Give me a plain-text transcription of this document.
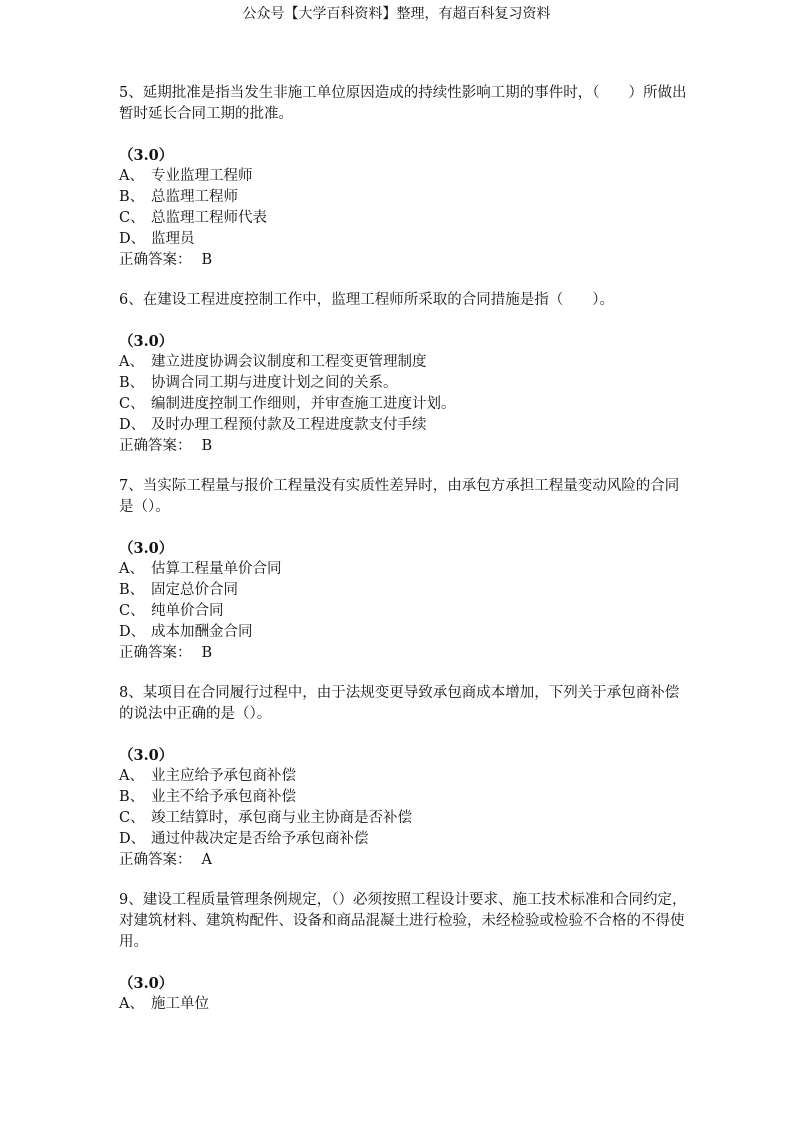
公众号【大学百科资料】整理，有超百科复习资料

5、延期批准是指当发生非施工单位原因造成的持续性影响工期的事件时，（　　）所做出暂时延长合同工期的批准。

（3.0）
A、 专业监理工程师
B、 总监理工程师
C、 总监理工程师代表
D、 监理员
正确答案： B

6、在建设工程进度控制工作中，监理工程师所采取的合同措施是指（　　）。

（3.0）
A、 建立进度协调会议制度和工程变更管理制度
B、 协调合同工期与进度计划之间的关系。
C、 编制进度控制工作细则，并审查施工进度计划。
D、 及时办理工程预付款及工程进度款支付手续
正确答案： B

7、当实际工程量与报价工程量没有实质性差异时，由承包方承担工程量变动风险的合同是（）。

（3.0）
A、 估算工程量单价合同
B、 固定总价合同
C、 纯单价合同
D、 成本加酬金合同
正确答案： B

8、某项目在合同履行过程中，由于法规变更导致承包商成本增加，下列关于承包商补偿的说法中正确的是（）。

（3.0）
A、 业主应给予承包商补偿
B、 业主不给予承包商补偿
C、 竣工结算时，承包商与业主协商是否补偿
D、 通过仲裁决定是否给予承包商补偿
正确答案： A

9、建设工程质量管理条例规定，（）必须按照工程设计要求、施工技术标准和合同约定，对建筑材料、建筑构配件、设备和商品混凝土进行检验，未经检验或检验不合格的不得使用。

（3.0）
A、 施工单位
